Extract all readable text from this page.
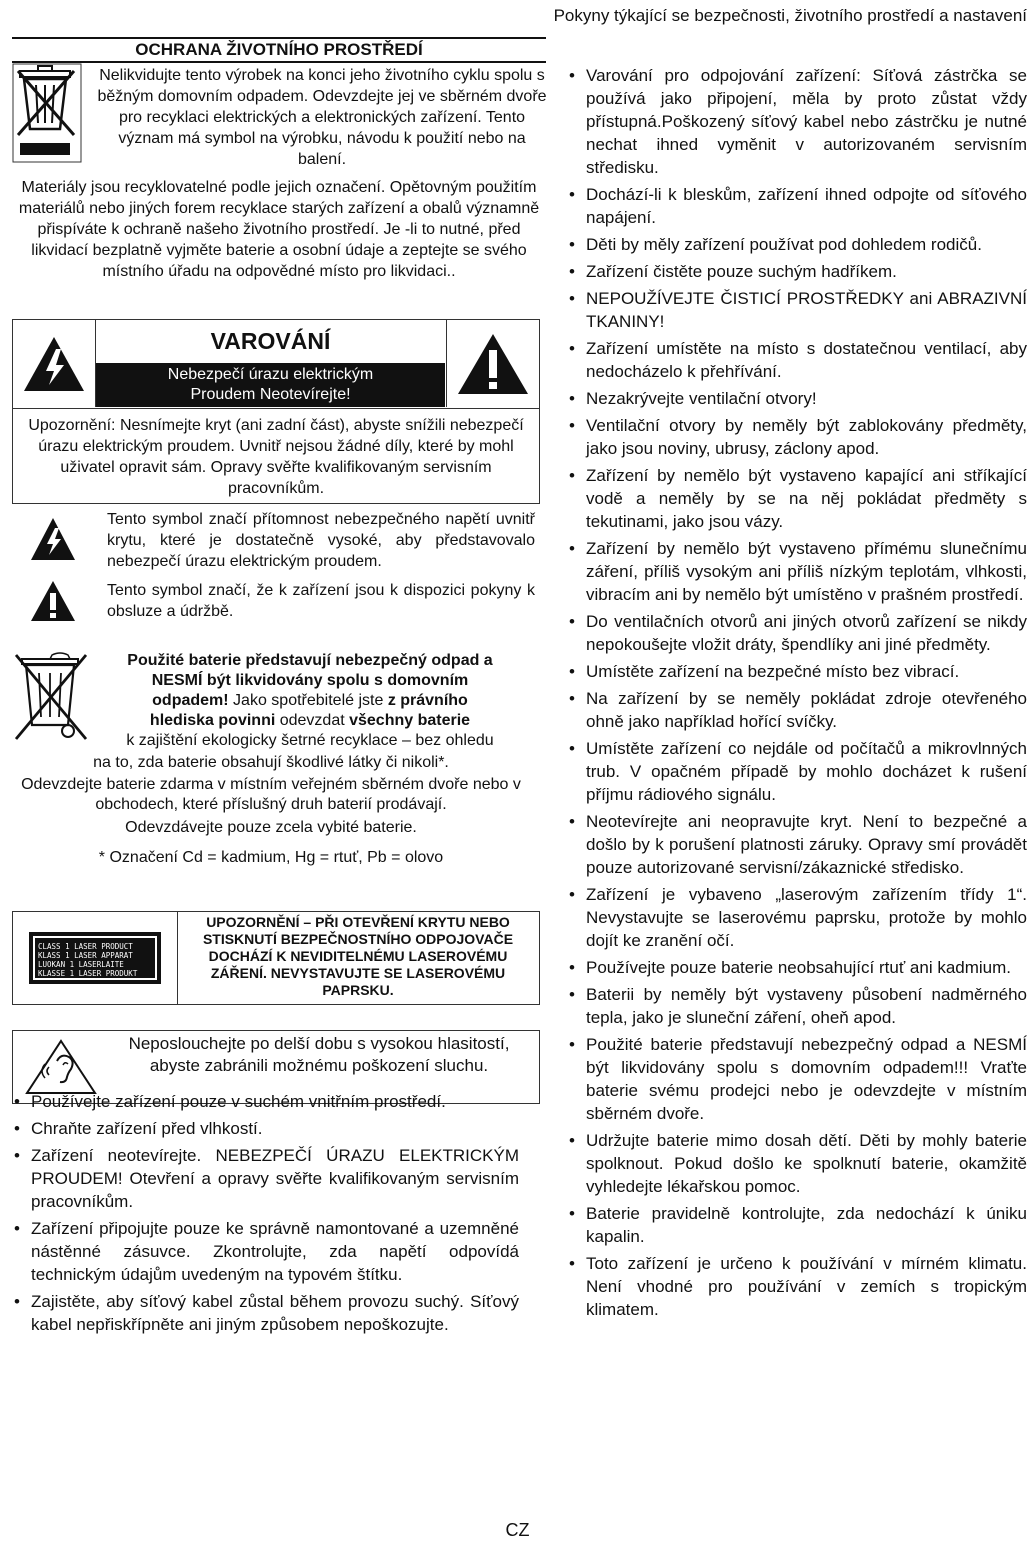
Pokyny týkající se bezpečnosti, životního prostředí a nastavení
OCHRANA ŽIVOTNÍHO PROSTŘEDÍ
Nelikvidujte tento výrobek na konci jeho životního cyklu spolu s běžným domovním odpadem. Odevzdejte jej ve sběrném dvoře pro recyklaci elektrických a elektronických zařízení. Tento význam má symbol na výrobku, návodu k použití nebo na balení.
Materiály jsou recyklovatelné podle jejich označení. Opětovným použitím materiálů nebo jiných forem recyklace starých zařízení a obalů významně přispíváte k ochraně našeho životního prostředí. Je -li to nutné, před likvidací bezplatně vyjměte baterie a osobní údaje a zeptejte se svého místního úřadu na odpovědné místo pro likvidaci..
VAROVÁNÍ
Nebezpečí úrazu elektrickým
Proudem Neotevírejte!
Upozornění: Nesnímejte kryt (ani zadní část), abyste snížili nebezpečí úrazu elektrickým proudem. Uvnitř nejsou žádné díly, které by mohl uživatel opravit sám. Opravy svěřte kvalifikovaným servisním pracovníkům.
Tento symbol značí přítomnost nebezpečného napětí uvnitř krytu, které je dostatečně vysoké, aby představovalo nebezpečí úrazu elektrickým proudem.
Tento symbol značí, že k zařízení jsou k dispozici pokyny k obsluze a údržbě.
Použité baterie představují nebezpečný odpad a
NESMÍ být likvidovány spolu s domovním
odpadem! Jako spotřebitelé jste z právního
hlediska povinni odevzdat všechny baterie
k zajištění ekologicky šetrné recyklace – bez ohledu
na to, zda baterie obsahují škodlivé látky či nikoli*.
Odevzdejte baterie zdarma v místním veřejném sběrném dvoře nebo v obchodech, které příslušný druh baterií prodávají.
Odevzdávejte pouze zcela vybité baterie.
* Označení Cd = kadmium, Hg = rtuť, Pb = olovo
CLASS 1 LASER PRODUCT
KLASS 1 LASER APPARAT
LUOKAN 1 LASERLAITE
KLASSE 1 LASER PRODUKT
UPOZORNĚNÍ – PŘI OTEVŘENÍ KRYTU NEBO STISKNUTÍ BEZPEČNOSTNÍHO ODPOJOVAČE DOCHÁZÍ K NEVIDITELNÉMU LASEROVÉMU ZÁŘENÍ. NEVYSTAVUJTE SE LASEROVÉMU PAPRSKU.
Neposlouchejte po delší dobu s vysokou hlasitostí, abyste zabránili možnému poškození sluchu.
• Používejte zařízení pouze v suchém vnitřním prostředí.
• Chraňte zařízení před vlhkostí.
• Zařízení neotevírejte. NEBEZPEČÍ ÚRAZU ELEKTRICKÝM PROUDEM! Otevření a opravy svěřte kvalifikovaným servisním pracovníkům.
• Zařízení připojujte pouze ke správně namontované a uzemněné nástěnné zásuvce. Zkontrolujte, zda napětí odpovídá technickým údajům uvedeným na typovém štítku.
• Zajistěte, aby síťový kabel zůstal během provozu suchý. Síťový kabel nepřiskřípněte ani jiným způsobem nepoškozujte.
• Varování pro odpojování zařízení: Síťová zástrčka se používá jako připojení, měla by proto zůstat vždy přístupná.Poškozený síťový kabel nebo zástrčku je nutné nechat ihned vyměnit v autorizovaném servisním středisku.
• Dochází-li k bleskům, zařízení ihned odpojte od síťového napájení.
• Děti by měly zařízení používat pod dohledem rodičů.
• Zařízení čistěte pouze suchým hadříkem.
• NEPOUŽÍVEJTE ČISTICÍ PROSTŘEDKY ani ABRAZIVNÍ TKANINY!
• Zařízení umístěte na místo s dostatečnou ventilací, aby nedocházelo k přehřívání.
• Nezakrývejte ventilační otvory!
• Ventilační otvory by neměly být zablokovány předměty, jako jsou noviny, ubrusy, záclony apod.
• Zařízení by nemělo být vystaveno kapající ani stříkající vodě a neměly by se na něj pokládat předměty s tekutinami, jako jsou vázy.
• Zařízení by nemělo být vystaveno přímému slunečnímu záření, příliš vysokým ani příliš nízkým teplotám, vlhkosti, vibracím ani by nemělo být umístěno v prašném prostředí.
• Do ventilačních otvorů ani jiných otvorů zařízení se nikdy nepokoušejte vložit dráty, špendlíky ani jiné předměty.
• Umístěte zařízení na bezpečné místo bez vibrací.
• Na zařízení by se neměly pokládat zdroje otevřeného ohně jako například hořící svíčky.
• Umístěte zařízení co nejdále od počítačů a mikrovlnných trub. V opačném případě by mohlo docházet k rušení příjmu rádiového signálu.
• Neotevírejte ani neopravujte kryt. Není to bezpečné a došlo by k porušení platnosti záruky. Opravy smí provádět pouze autorizované servisní/zákaznické středisko.
• Zařízení je vybaveno „laserovým zařízením třídy 1“. Nevystavujte se laserovému paprsku, protože by mohlo dojít ke zranění očí.
• Používejte pouze baterie neobsahující rtuť ani kadmium.
• Baterii by neměly být vystaveny působení nadměrného tepla, jako je sluneční záření, oheň apod.
• Použité baterie představují nebezpečný odpad a NESMÍ být likvidovány spolu s domovním odpadem!!! Vraťte baterie svému prodejci nebo je odevzdejte v místním sběrném dvoře.
• Udržujte baterie mimo dosah dětí. Děti by mohly baterie spolknout. Pokud došlo ke spolknutí baterie, okamžitě vyhledejte lékařskou pomoc.
• Baterie pravidelně kontrolujte, zda nedochází k úniku kapalin.
• Toto zařízení je určeno k používání v mírném klimatu. Není vhodné pro používání v zemích s tropickým klimatem.
CZ
